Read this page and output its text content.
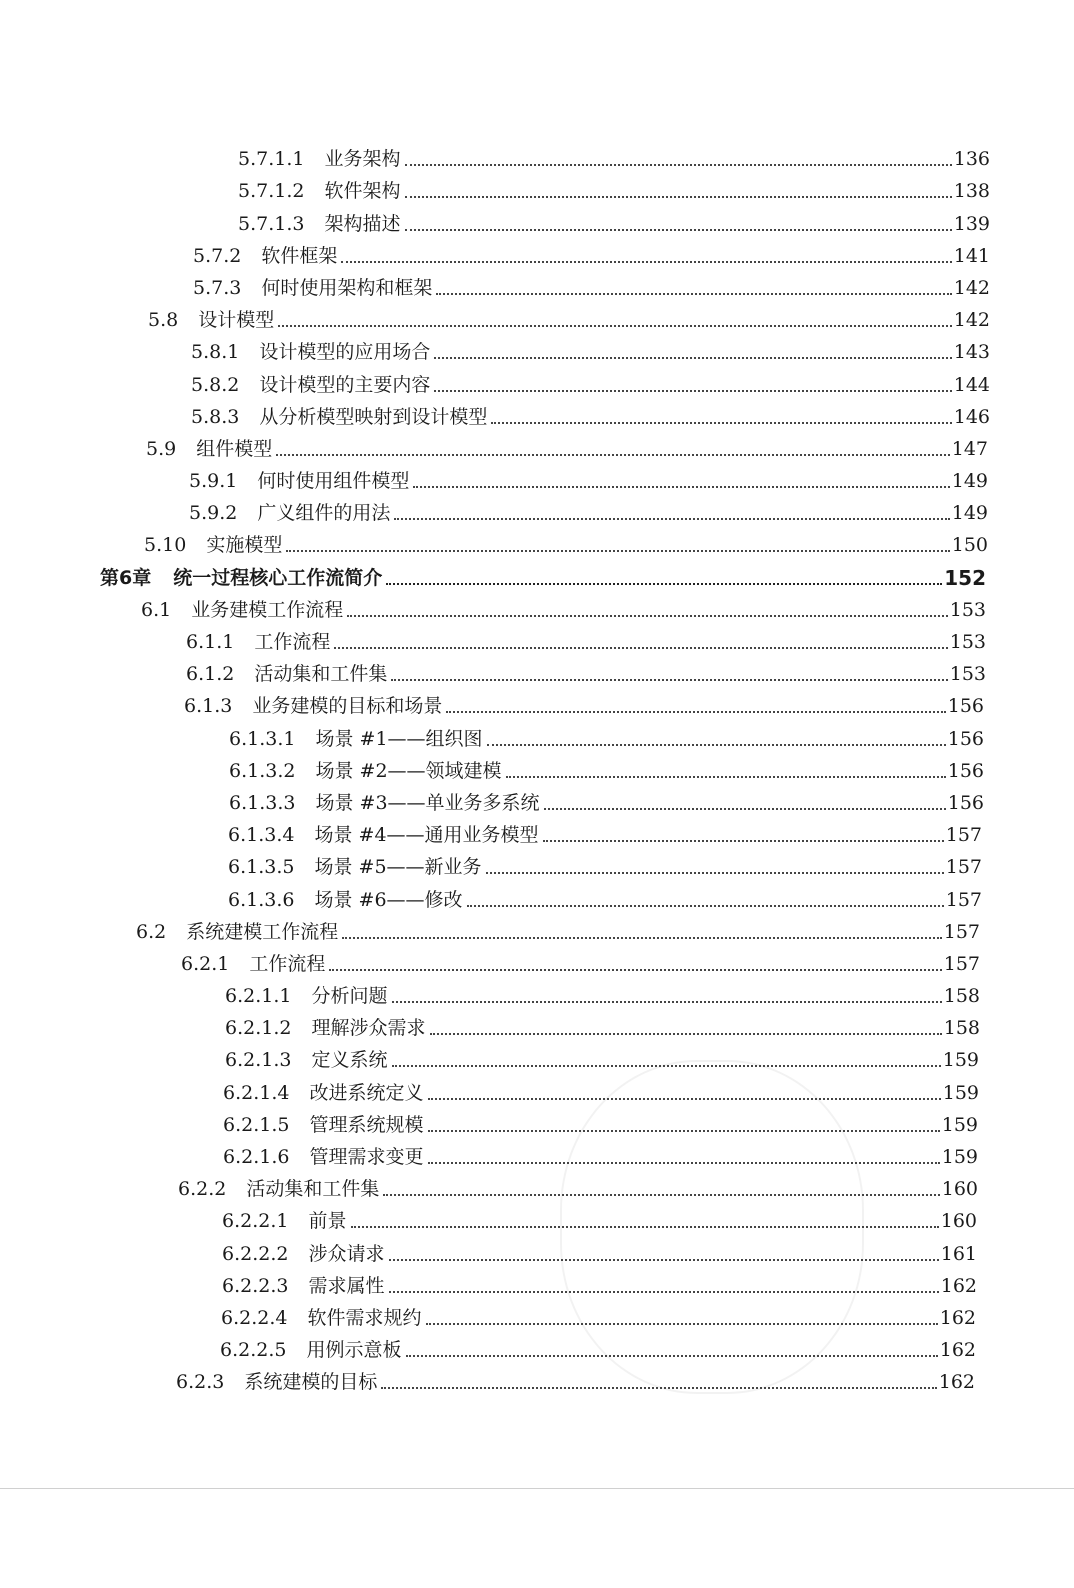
5.7.1.1 业务架构	136
5.7.1.2 软件架构	138
5.7.1.3 架构描述	139
5.7.2 软件框架	141
5.7.3 何时使用架构和框架	142
5.8 设计模型	142
5.8.1 设计模型的应用场合	143
5.8.2 设计模型的主要内容	144
5.8.3 从分析模型映射到设计模型	146
5.9 组件模型	147
5.9.1 何时使用组件模型	149
5.9.2 广义组件的用法	149
5.10 实施模型	150
第6章 统一过程核心工作流简介	152
6.1 业务建模工作流程	153
6.1.1 工作流程	153
6.1.2 活动集和工件集	153
6.1.3 业务建模的目标和场景	156
6.1.3.1 场景 #1——组织图	156
6.1.3.2 场景 #2——领域建模	156
6.1.3.3 场景 #3——单业务多系统	156
6.1.3.4 场景 #4——通用业务模型	157
6.1.3.5 场景 #5——新业务	157
6.1.3.6 场景 #6——修改	157
6.2 系统建模工作流程	157
6.2.1 工作流程	157
6.2.1.1 分析问题	158
6.2.1.2 理解涉众需求	158
6.2.1.3 定义系统	159
6.2.1.4 改进系统定义	159
6.2.1.5 管理系统规模	159
6.2.1.6 管理需求变更	159
6.2.2 活动集和工件集	160
6.2.2.1 前景	160
6.2.2.2 涉众请求	161
6.2.2.3 需求属性	162
6.2.2.4 软件需求规约	162
6.2.2.5 用例示意板	162
6.2.3 系统建模的目标	162
